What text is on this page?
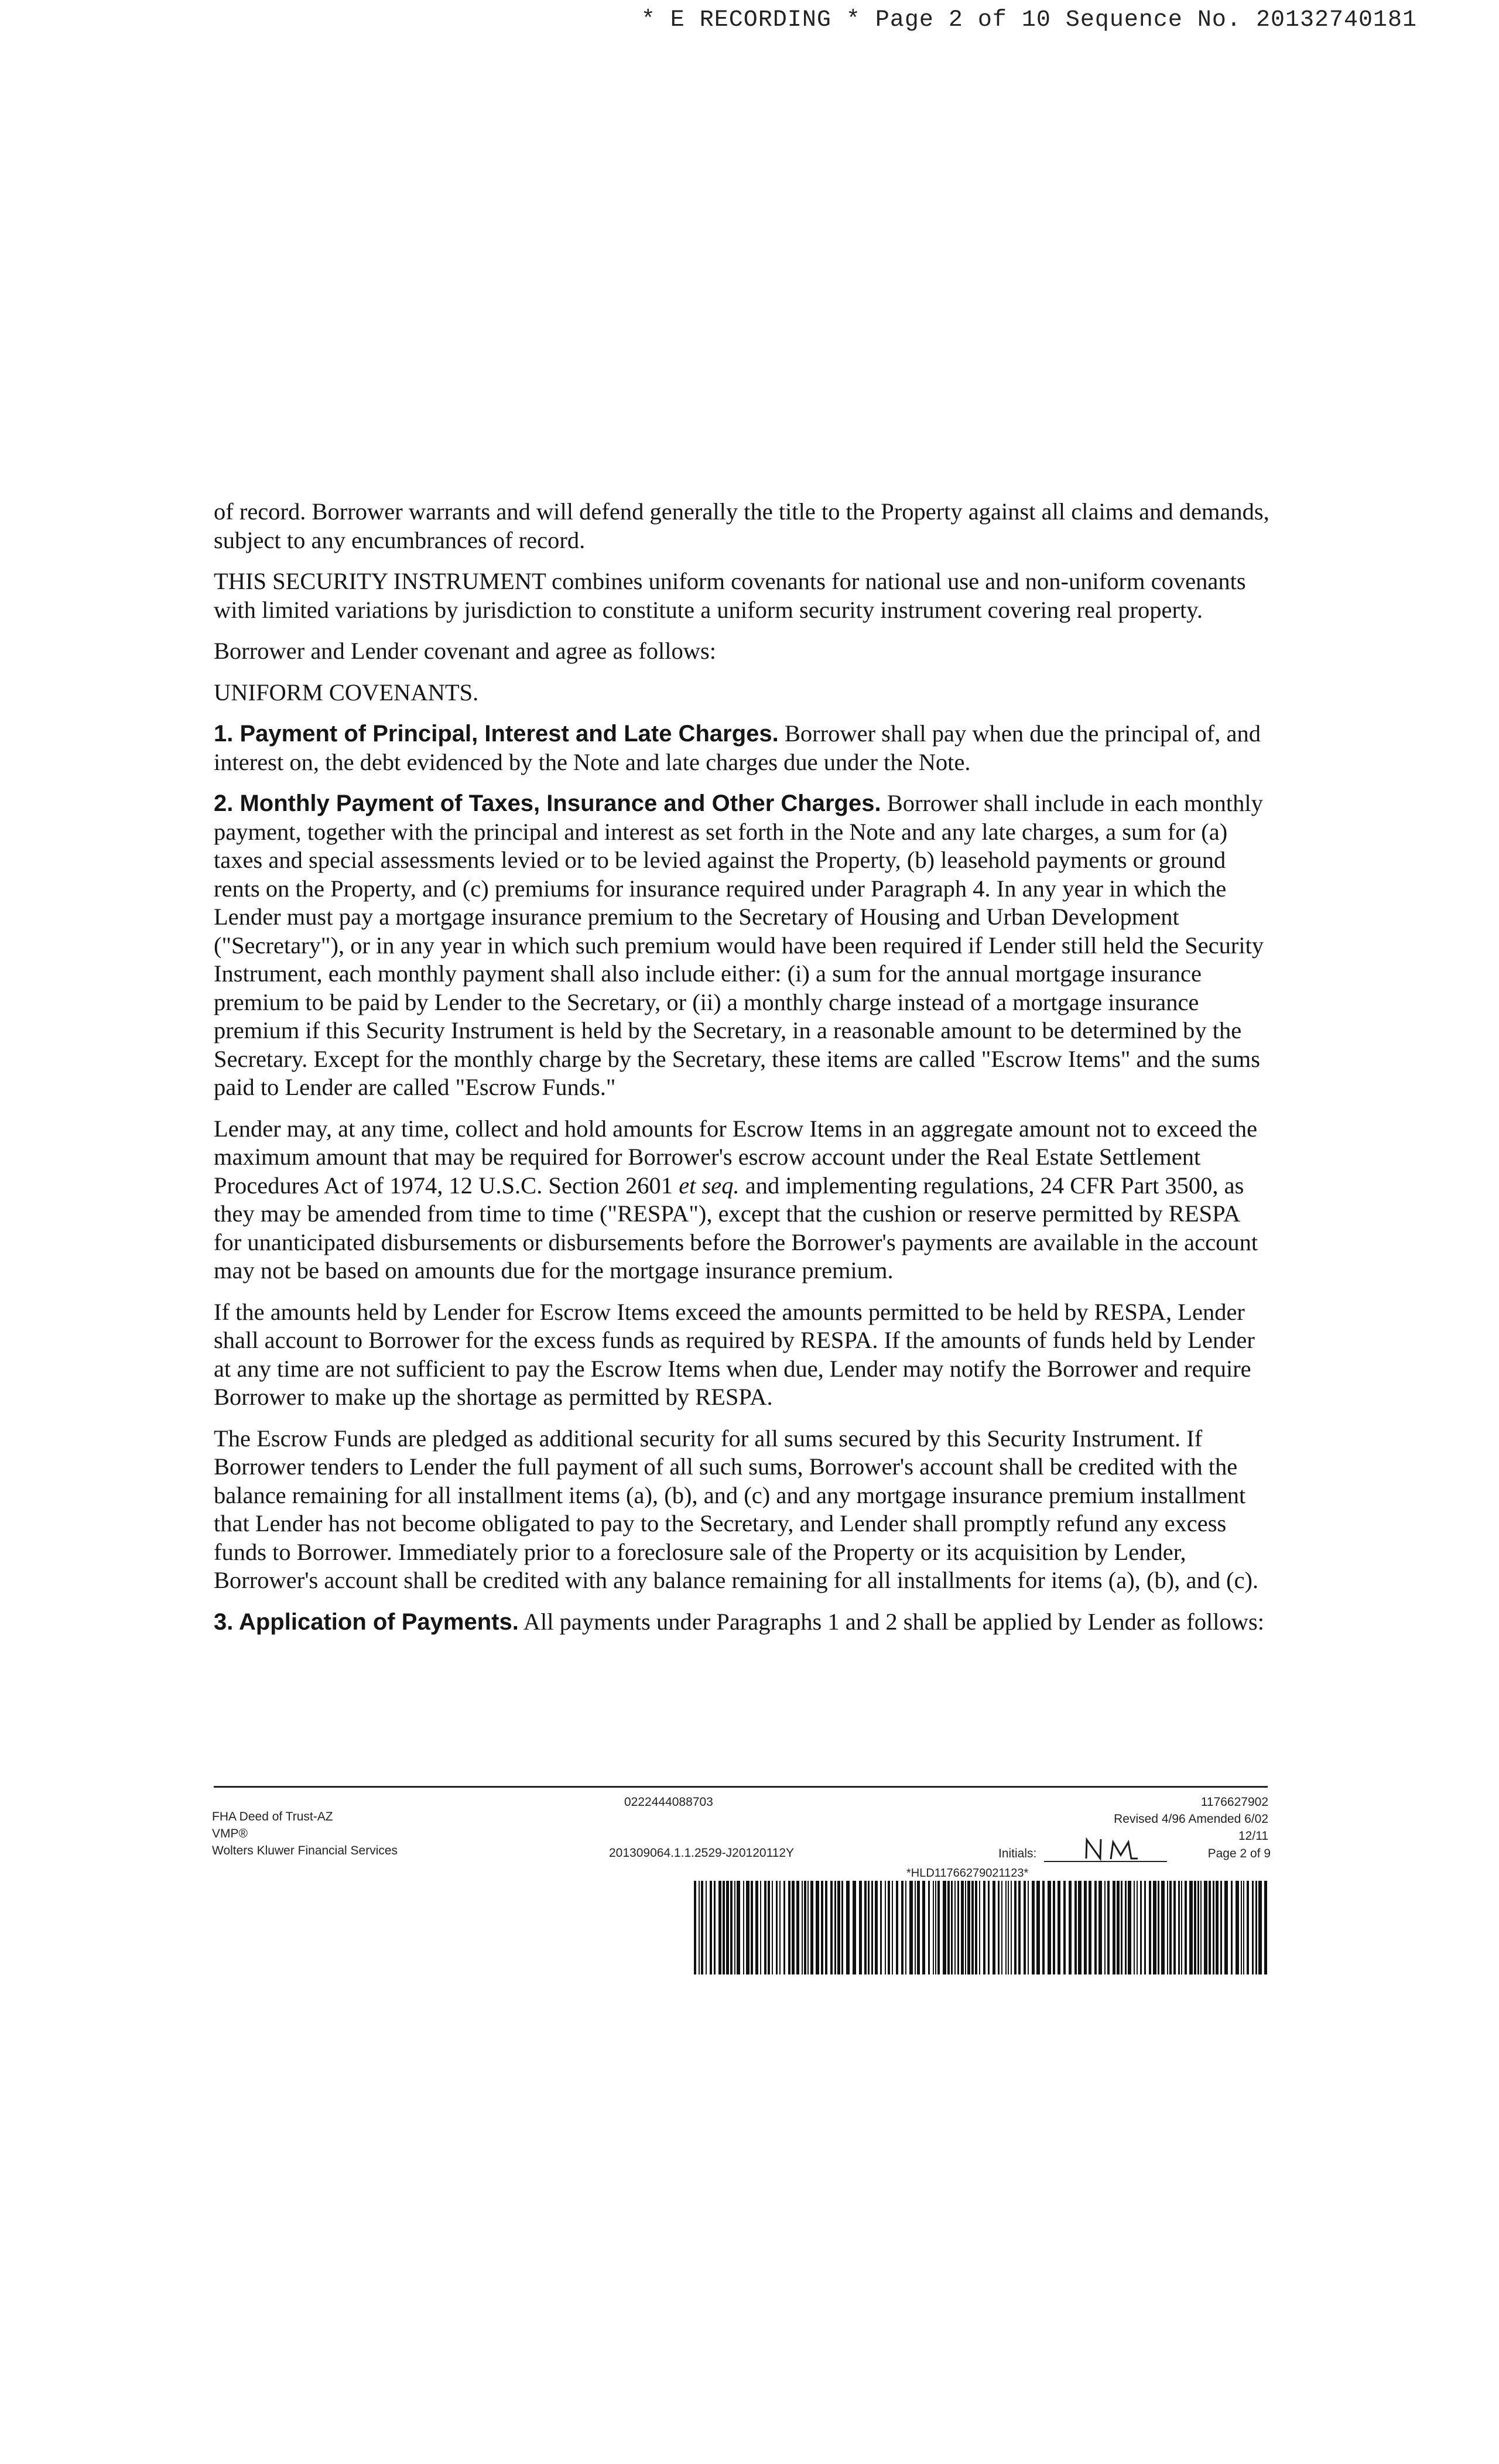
* E RECORDING * Page 2 of 10 Sequence No. 20132740181

of record. Borrower warrants and will defend generally the title to the Property against all claims and demands, subject to any encumbrances of record.

THIS SECURITY INSTRUMENT combines uniform covenants for national use and non-uniform covenants with limited variations by jurisdiction to constitute a uniform security instrument covering real property.

Borrower and Lender covenant and agree as follows:

UNIFORM COVENANTS.

1. Payment of Principal, Interest and Late Charges. Borrower shall pay when due the principal of, and interest on, the debt evidenced by the Note and late charges due under the Note.

2. Monthly Payment of Taxes, Insurance and Other Charges. Borrower shall include in each monthly payment, together with the principal and interest as set forth in the Note and any late charges, a sum for (a) taxes and special assessments levied or to be levied against the Property, (b) leasehold payments or ground rents on the Property, and (c) premiums for insurance required under Paragraph 4. In any year in which the Lender must pay a mortgage insurance premium to the Secretary of Housing and Urban Development ("Secretary"), or in any year in which such premium would have been required if Lender still held the Security Instrument, each monthly payment shall also include either: (i) a sum for the annual mortgage insurance premium to be paid by Lender to the Secretary, or (ii) a monthly charge instead of a mortgage insurance premium if this Security Instrument is held by the Secretary, in a reasonable amount to be determined by the Secretary. Except for the monthly charge by the Secretary, these items are called "Escrow Items" and the sums paid to Lender are called "Escrow Funds."

Lender may, at any time, collect and hold amounts for Escrow Items in an aggregate amount not to exceed the maximum amount that may be required for Borrower's escrow account under the Real Estate Settlement Procedures Act of 1974, 12 U.S.C. Section 2601 et seq. and implementing regulations, 24 CFR Part 3500, as they may be amended from time to time ("RESPA"), except that the cushion or reserve permitted by RESPA for unanticipated disbursements or disbursements before the Borrower's payments are available in the account may not be based on amounts due for the mortgage insurance premium.

If the amounts held by Lender for Escrow Items exceed the amounts permitted to be held by RESPA, Lender shall account to Borrower for the excess funds as required by RESPA. If the amounts of funds held by Lender at any time are not sufficient to pay the Escrow Items when due, Lender may notify the Borrower and require Borrower to make up the shortage as permitted by RESPA.

The Escrow Funds are pledged as additional security for all sums secured by this Security Instrument. If Borrower tenders to Lender the full payment of all such sums, Borrower's account shall be credited with the balance remaining for all installment items (a), (b), and (c) and any mortgage insurance premium installment that Lender has not become obligated to pay to the Secretary, and Lender shall promptly refund any excess funds to Borrower. Immediately prior to a foreclosure sale of the Property or its acquisition by Lender, Borrower's account shall be credited with any balance remaining for all installments for items (a), (b), and (c).

3. Application of Payments. All payments under Paragraphs 1 and 2 shall be applied by Lender as follows:

FHA Deed of Trust-AZ
VMP®
Wolters Kluwer Financial Services
0222444088703
201309064.1.1.2529-J20120112Y
1176627902
Revised 4/96 Amended 6/02
12/11
Initials:	Page 2 of 9
*HLD11766279021123*
